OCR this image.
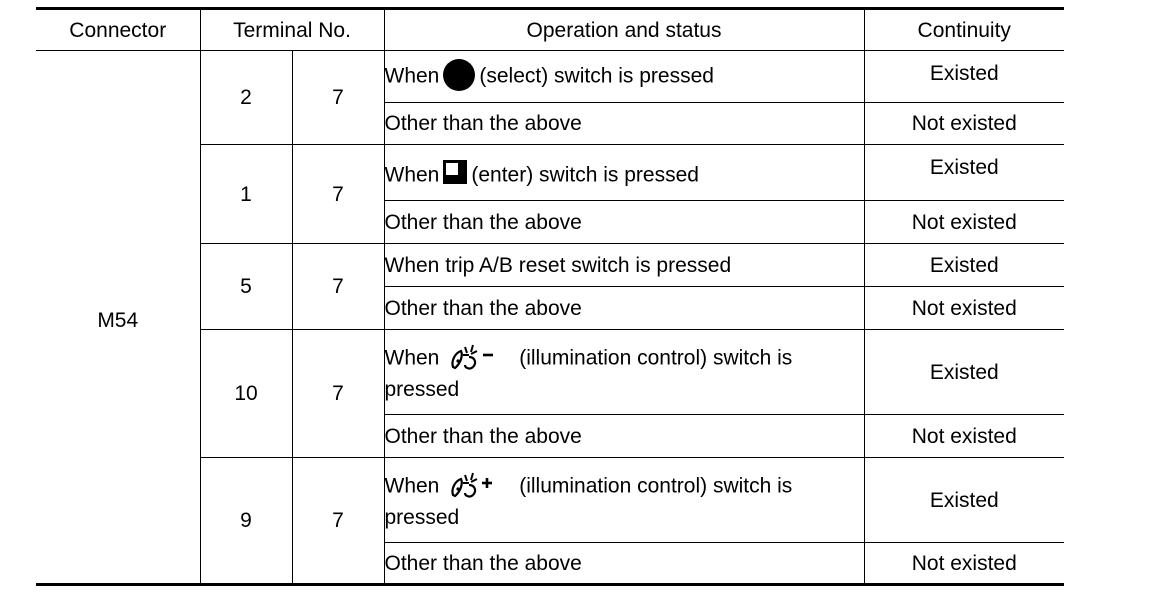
Connector	Terminal No.		Operation and status	Continuity
M54	2	7	When (select) switch is pressed	Existed
			Other than the above	Not existed
	1	7	When (enter) switch is pressed	Existed
			Other than the above	Not existed
	5	7	When trip A/B reset switch is pressed	Existed
			Other than the above	Not existed
	10	7	When (illumination control) switch is pressed	Existed
			Other than the above	Not existed
	9	7	When (illumination control) switch is pressed	Existed
			Other than the above	Not existed
